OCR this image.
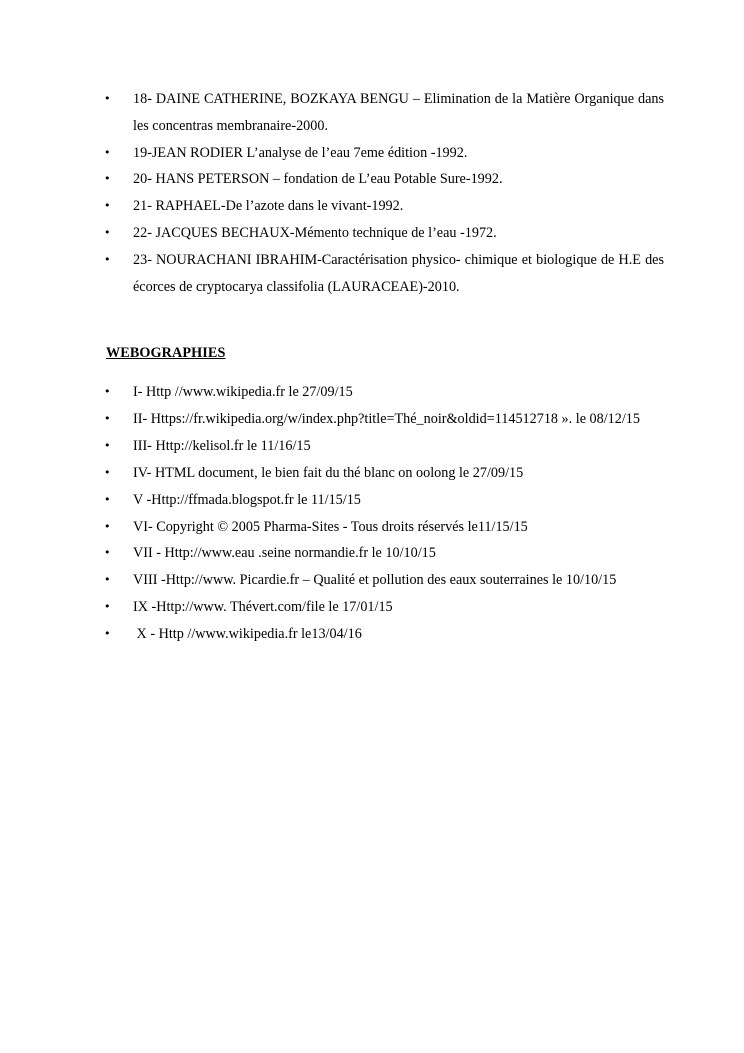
• 18- DAINE CATHERINE, BOZKAYA BENGU – Elimination de la Matière Organique dans les concentras membranaire-2000.
• 19-JEAN RODIER L’analyse de l’eau 7eme édition -1992.
• 20- HANS PETERSON – fondation de L’eau Potable Sure-1992.
• 21- RAPHAEL-De l’azote dans le vivant-1992.
• 22- JACQUES BECHAUX-Mémento technique de l’eau -1972.
• 23- NOURACHANI IBRAHIM-Caractérisation physico- chimique et biologique de H.E des écorces de cryptocarya classifolia (LAURACEAE)-2010.
WEBOGRAPHIES
• I- Http //www.wikipedia.fr le 27/09/15
• II- Https://fr.wikipedia.org/w/index.php?title=Thé_noir&oldid=114512718 ». le 08/12/15
• III- Http://kelisol.fr le 11/16/15
• IV- HTML document, le bien fait du thé blanc on oolong le 27/09/15
• V -Http://ffmada.blogspot.fr le 11/15/15
• VI- Copyright © 2005 Pharma-Sites - Tous droits réservés le11/15/15
• VII - Http://www.eau .seine normandie.fr le 10/10/15
• VIII -Http://www. Picardie.fr – Qualité et pollution des eaux souterraines le 10/10/15
• IX -Http://www. Thévert.com/file le 17/01/15
• X - Http //www.wikipedia.fr le13/04/16
